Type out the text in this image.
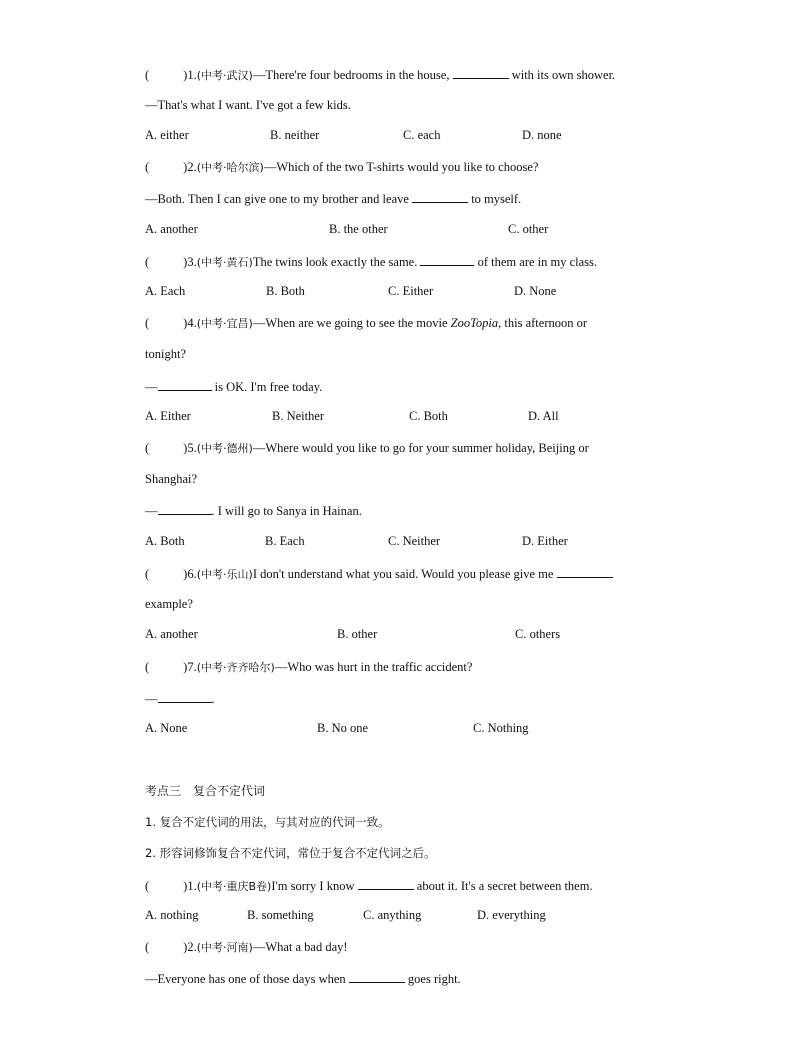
(	)1.(中考·武汉)—There're four bedrooms in the house,	with its own shower.
—That's what I want. I've got a few kids.
A. either	B. neither	C. each	D. none
(	)2.(中考·哈尔滨)—Which of the two T-shirts would you like to choose?
—Both. Then I can give one to my brother and leave	to myself.
A. another	B. the other	C. other
(	)3.(中考·黄石)The twins look exactly the same.	of them are in my class.
A. Each	B. Both	C. Either	D. None
(	)4.(中考·宜昌)—When are we going to see the movie ZooTopia, this afternoon or
tonight?
—	is OK. I'm free today.
A. Either	B. Neither	C. Both	D. All
(	)5.(中考·德州)—Where would you like to go for your summer holiday, Beijing or
Shanghai?
—	. I will go to Sanya in Hainan.
A. Both	B. Each	C. Neither	D. Either
(	)6.(中考·乐山)I don't understand what you said. Would you please give me
example?
A. another	B. other	C. others
(	)7.(中考·齐齐哈尔)—Who was hurt in the traffic accident?
—	.
A. None	B. No one	C. Nothing
考点三　复合不定代词
1. 复合不定代词的用法，与其对应的代词一致。
2. 形容词修饰复合不定代词，常位于复合不定代词之后。
(	)1.(中考·重庆B卷)I'm sorry I know	about it. It's a secret between them.
A. nothing	B. something	C. anything	D. everything
(	)2.(中考·河南)—What a bad day!
—Everyone has one of those days when	goes right.
